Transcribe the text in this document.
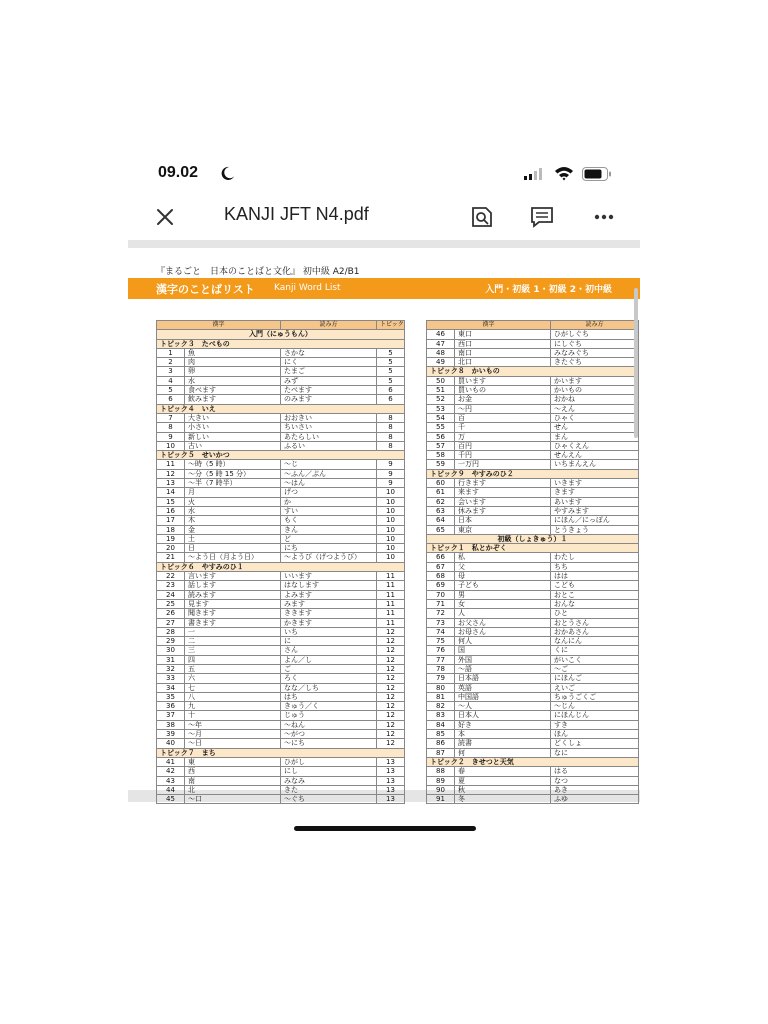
09.02
KANJI JFT N4.pdf
『まるごと　日本のことばと文化』 初中級 A2/B1
漢字のことばリスト Kanji Word List	入門・初級 1・初級 2・初中級
漢字		読み方	トピック
入門（にゅうもん）			
トピック３　たべもの			
1	魚	さかな	5
2	肉	にく	5
3	卵	たまご	5
4	水	みず	5
5	食べます	たべます	6
6	飲みます	のみます	6
トピック４　いえ			
7	大きい	おおきい	8
8	小さい	ちいさい	8
9	新しい	あたらしい	8
10	古い	ふるい	8
トピック５　せいかつ			
11	〜時（5 時）	〜じ	9
12	〜分（5 時 15 分）	〜ふん／ぷん	9
13	〜半（7 時半）	〜はん	9
14	月	げつ	10
15	火	か	10
16	水	すい	10
17	木	もく	10
18	金	きん	10
19	土	ど	10
20	日	にち	10
21	〜よう日（月よう日）	〜ようび（げつようび）	10
トピック６　やすみのひ１			
22	言います	いいます	11
23	話します	はなします	11
24	読みます	よみます	11
25	見ます	みます	11
26	聞きます	ききます	11
27	書きます	かきます	11
28	一	いち	12
29	二	に	12
30	三	さん	12
31	四	よん／し	12
32	五	ご	12
33	六	ろく	12
34	七	なな／しち	12
35	八	はち	12
36	九	きゅう／く	12
37	十	じゅう	12
38	〜年	〜ねん	12
39	〜月	〜がつ	12
40	〜日	〜にち	12
トピック７　まち			
41	東	ひがし	13
42	西	にし	13
43	南	みなみ	13
44	北	きた	13
45	〜口	〜ぐち	13
漢字		読み方
46	東口	ひがしぐち
47	西口	にしぐち
48	南口	みなみぐち
49	北口	きたぐち
トピック８　かいもの		
50	買います	かいます
51	買いもの	かいもの
52	お金	おかね
53	〜円	〜えん
54	百	ひゃく
55	千	せん
56	万	まん
57	百円	ひゃくえん
58	千円	せんえん
59	一万円	いちまんえん
トピック９　やすみのひ２		
60	行きます	いきます
61	来ます	きます
62	会います	あいます
63	休みます	やすみます
64	日本	にほん／にっぽん
65	東京	とうきょう
初級（しょきゅう）１		
トピック１　私とかぞく		
66	私	わたし
67	父	ちち
68	母	はは
69	子ども	こども
70	男	おとこ
71	女	おんな
72	人	ひと
73	お父さん	おとうさん
74	お母さん	おかあさん
75	何人	なんにん
76	国	くに
77	外国	がいこく
78	〜語	〜ご
79	日本語	にほんご
80	英語	えいご
81	中国語	ちゅうごくご
82	〜人	〜じん
83	日本人	にほんじん
84	好き	すき
85	本	ほん
86	読書	どくしょ
87	何	なに
トピック２　きせつと天気		
88	春	はる
89	夏	なつ
90	秋	あき
91	冬	ふゆ
